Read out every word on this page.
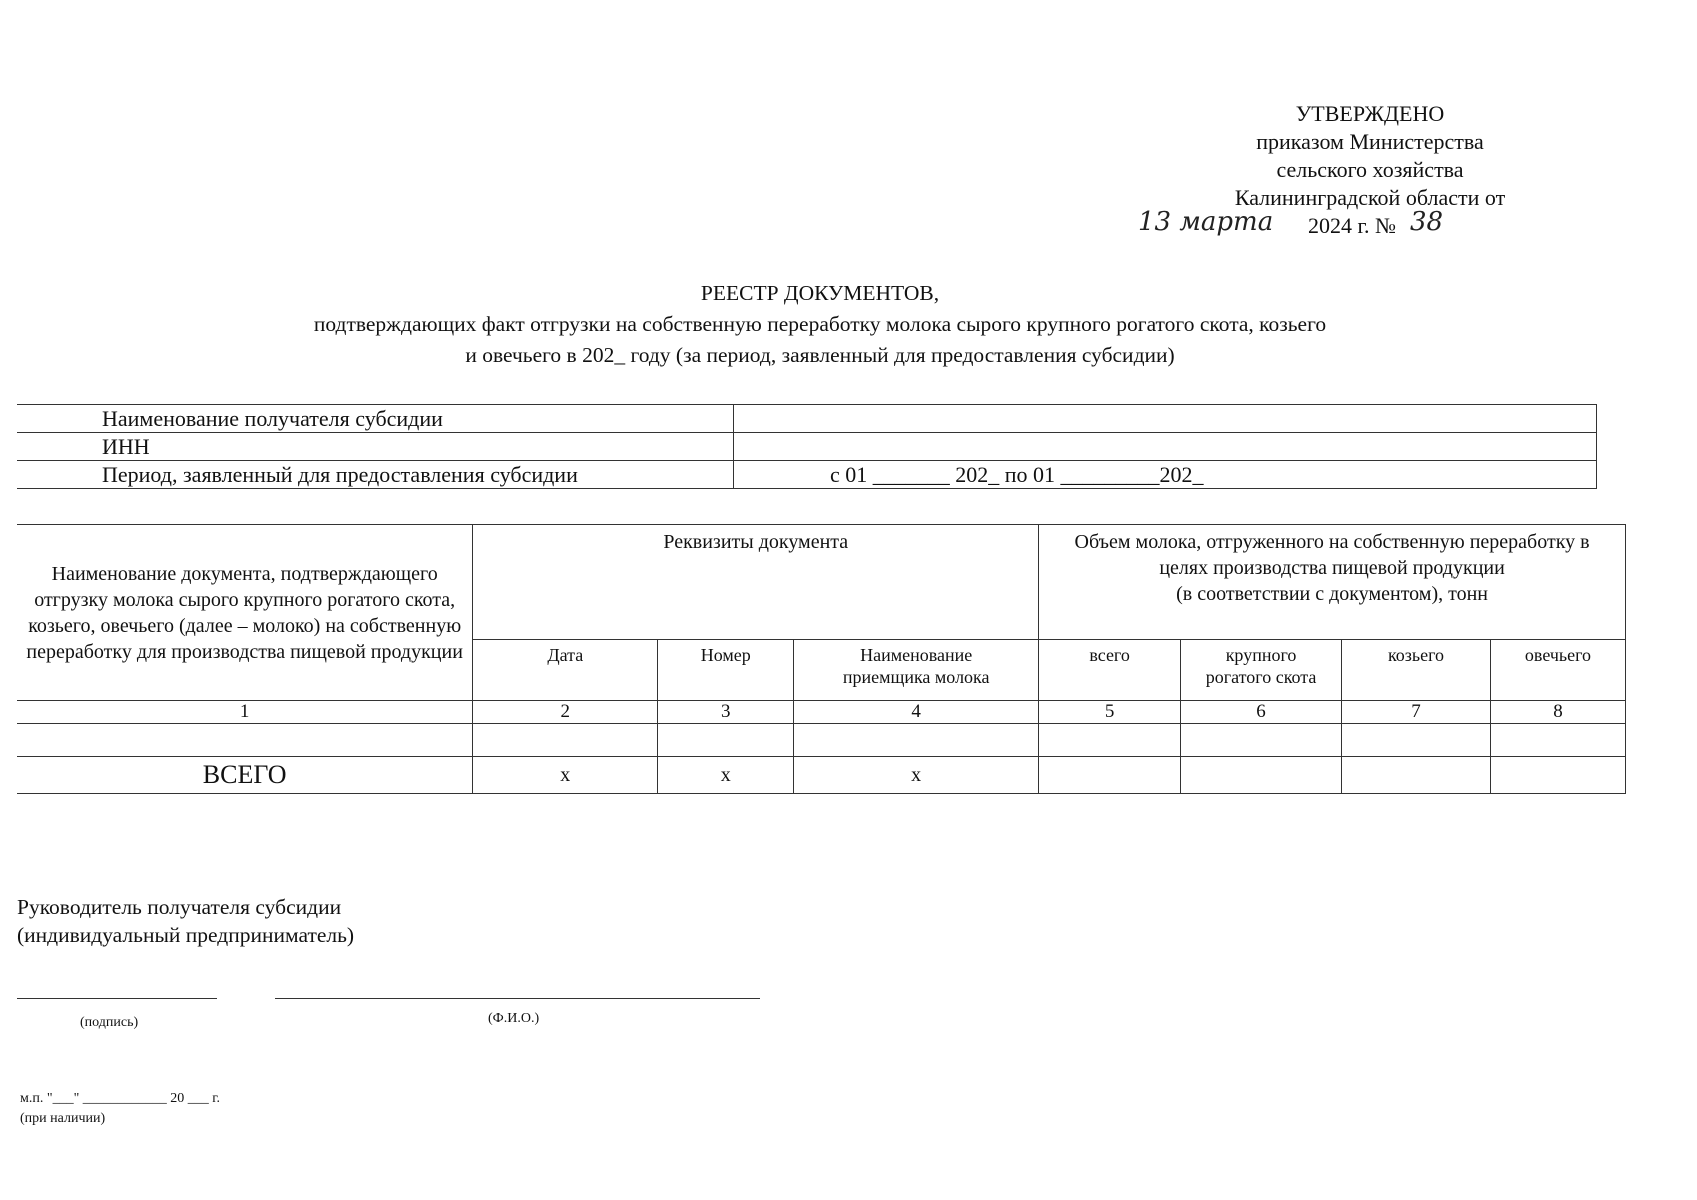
УТВЕРЖДЕНО
приказом Министерства
сельского хозяйства
Калининградской области от
13 марта 2024 г. № 38
РЕЕСТР ДОКУМЕНТОВ,
подтверждающих факт отгрузки на собственную переработку молока сырого крупного рогатого скота, козьего
и овечьего в 202_ году (за период, заявленный для предоставления субсидии)
Наименование получателя субсидии	
ИНН	
Период, заявленный для предоставления субсидии	с 01 _______ 202_ по 01 _________202_
Наименование документа, подтверждающего отгрузку молока сырого крупного рогатого скота, козьего, овечьего (далее – молоко) на собственную переработку для производства пищевой продукции	Реквизиты документа			Объем молока, отгруженного на собственную переработку в целях производства пищевой продукции
(в соответствии с документом), тонн			

	Дата	Номер	Наименование приемщика молока	всего	крупного рогатого скота	козьего	овечьего
1	2	3	4	5	6	7	8

ВСЕГО	х	х	х				
Руководитель получателя субсидии
(индивидуальный предприниматель)
(подпись)	(Ф.И.О.)
м.п. "___" ____________ 20 ___ г.
(при наличии)
